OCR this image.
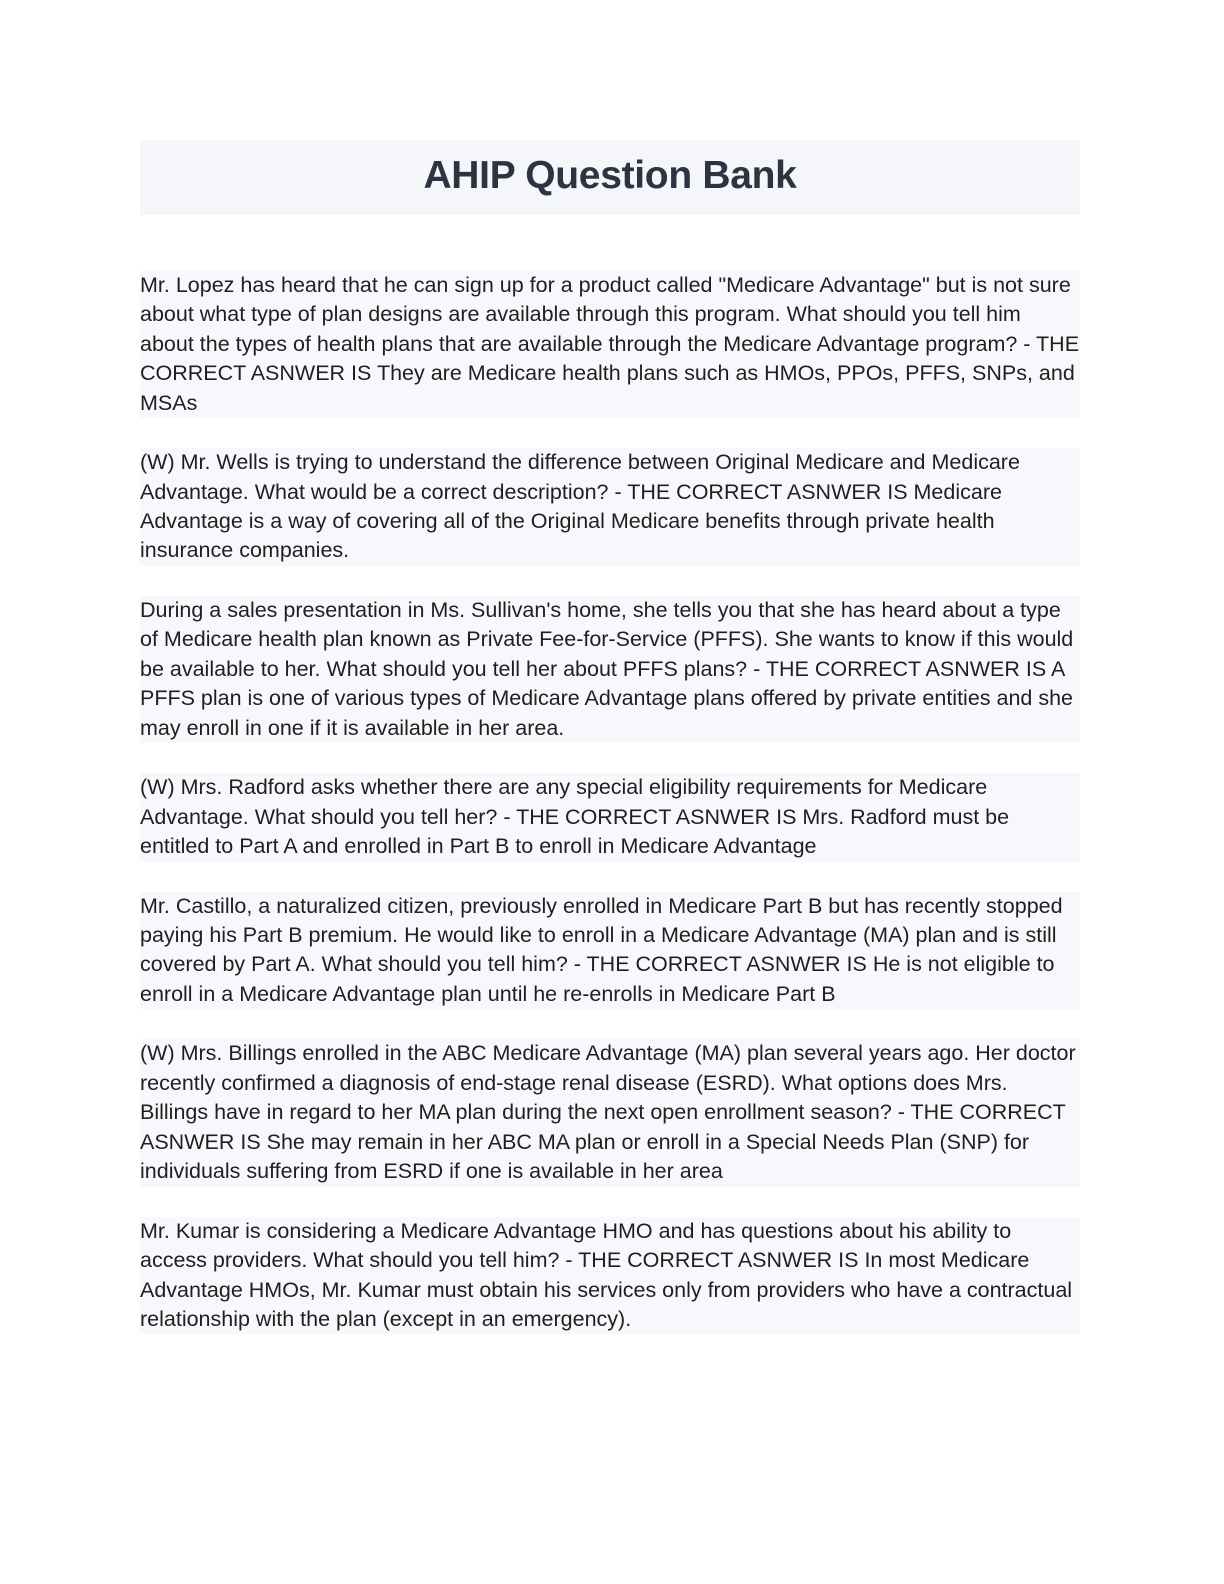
AHIP Question Bank

Mr. Lopez has heard that he can sign up for a product called "Medicare Advantage" but is not sure about what type of plan designs are available through this program. What should you tell him about the types of health plans that are available through the Medicare Advantage program? - THE CORRECT ASNWER IS They are Medicare health plans such as HMOs, PPOs, PFFS, SNPs, and MSAs

(W) Mr. Wells is trying to understand the difference between Original Medicare and Medicare Advantage. What would be a correct description? - THE CORRECT ASNWER IS Medicare Advantage is a way of covering all of the Original Medicare benefits through private health insurance companies.

During a sales presentation in Ms. Sullivan's home, she tells you that she has heard about a type of Medicare health plan known as Private Fee-for-Service (PFFS). She wants to know if this would be available to her. What should you tell her about PFFS plans? - THE CORRECT ASNWER IS A PFFS plan is one of various types of Medicare Advantage plans offered by private entities and she may enroll in one if it is available in her area.

(W) Mrs. Radford asks whether there are any special eligibility requirements for Medicare Advantage. What should you tell her? - THE CORRECT ASNWER IS Mrs. Radford must be entitled to Part A and enrolled in Part B to enroll in Medicare Advantage

Mr. Castillo, a naturalized citizen, previously enrolled in Medicare Part B but has recently stopped paying his Part B premium. He would like to enroll in a Medicare Advantage (MA) plan and is still covered by Part A. What should you tell him? - THE CORRECT ASNWER IS He is not eligible to enroll in a Medicare Advantage plan until he re-enrolls in Medicare Part B

(W) Mrs. Billings enrolled in the ABC Medicare Advantage (MA) plan several years ago. Her doctor recently confirmed a diagnosis of end-stage renal disease (ESRD). What options does Mrs. Billings have in regard to her MA plan during the next open enrollment season? - THE CORRECT ASNWER IS She may remain in her ABC MA plan or enroll in a Special Needs Plan (SNP) for individuals suffering from ESRD if one is available in her area

Mr. Kumar is considering a Medicare Advantage HMO and has questions about his ability to access providers. What should you tell him? - THE CORRECT ASNWER IS In most Medicare Advantage HMOs, Mr. Kumar must obtain his services only from providers who have a contractual relationship with the plan (except in an emergency).
